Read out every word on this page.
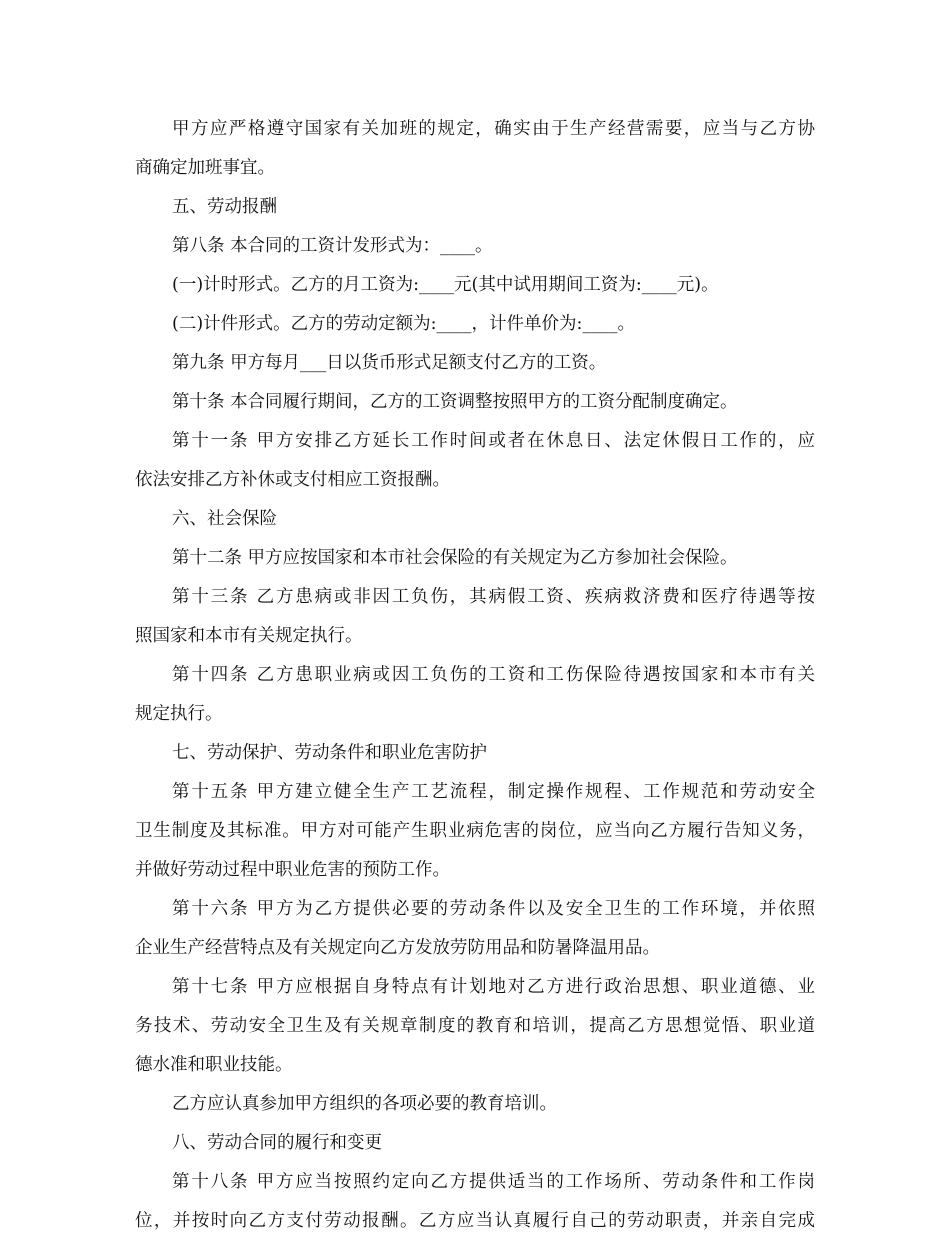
甲方应严格遵守国家有关加班的规定，确实由于生产经营需要，应当与乙方协
商确定加班事宜。
五、劳动报酬
第八条 本合同的工资计发形式为：____。
(一)计时形式。乙方的月工资为:____元(其中试用期间工资为:____元)。
(二)计件形式。乙方的劳动定额为:____，计件单价为:____。
第九条 甲方每月___日以货币形式足额支付乙方的工资。
第十条 本合同履行期间，乙方的工资调整按照甲方的工资分配制度确定。
第十一条 甲方安排乙方延长工作时间或者在休息日、法定休假日工作的，应
依法安排乙方补休或支付相应工资报酬。
六、社会保险
第十二条 甲方应按国家和本市社会保险的有关规定为乙方参加社会保险。
第十三条 乙方患病或非因工负伤，其病假工资、疾病救济费和医疗待遇等按
照国家和本市有关规定执行。
第十四条 乙方患职业病或因工负伤的工资和工伤保险待遇按国家和本市有关
规定执行。
七、劳动保护、劳动条件和职业危害防护
第十五条 甲方建立健全生产工艺流程，制定操作规程、工作规范和劳动安全
卫生制度及其标准。甲方对可能产生职业病危害的岗位，应当向乙方履行告知义务，
并做好劳动过程中职业危害的预防工作。
第十六条 甲方为乙方提供必要的劳动条件以及安全卫生的工作环境，并依照
企业生产经营特点及有关规定向乙方发放劳防用品和防暑降温用品。
第十七条 甲方应根据自身特点有计划地对乙方进行政治思想、职业道德、业
务技术、劳动安全卫生及有关规章制度的教育和培训，提高乙方思想觉悟、职业道
德水准和职业技能。
乙方应认真参加甲方组织的各项必要的教育培训。
八、劳动合同的履行和变更
第十八条 甲方应当按照约定向乙方提供适当的工作场所、劳动条件和工作岗
位，并按时向乙方支付劳动报酬。乙方应当认真履行自己的劳动职责，并亲自完成
